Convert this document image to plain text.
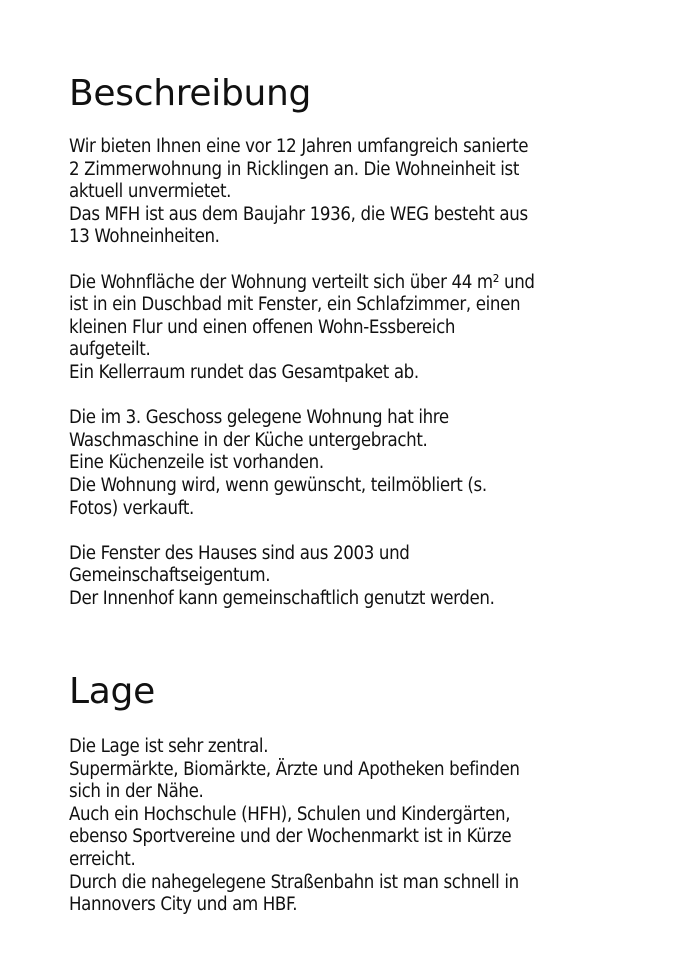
Beschreibung

Wir bieten Ihnen eine vor 12 Jahren umfangreich sanierte
2 Zimmerwohnung in Ricklingen an. Die Wohneinheit ist
aktuell unvermietet.
Das MFH ist aus dem Baujahr 1936, die WEG besteht aus
13 Wohneinheiten.

Die Wohnfläche der Wohnung verteilt sich über 44 m² und
ist in ein Duschbad mit Fenster, ein Schlafzimmer, einen
kleinen Flur und einen offenen Wohn-Essbereich
aufgeteilt.
Ein Kellerraum rundet das Gesamtpaket ab.

Die im 3. Geschoss gelegene Wohnung hat ihre
Waschmaschine in der Küche untergebracht.
Eine Küchenzeile ist vorhanden.
Die Wohnung wird, wenn gewünscht, teilmöbliert (s.
Fotos) verkauft.

Die Fenster des Hauses sind aus 2003 und
Gemeinschaftseigentum.
Der Innenhof kann gemeinschaftlich genutzt werden.

Lage

Die Lage ist sehr zentral.
Supermärkte, Biomärkte, Ärzte und Apotheken befinden
sich in der Nähe.
Auch ein Hochschule (HFH), Schulen und Kindergärten,
ebenso Sportvereine und der Wochenmarkt ist in Kürze
erreicht.
Durch die nahegelegene Straßenbahn ist man schnell in
Hannovers City und am HBF.
